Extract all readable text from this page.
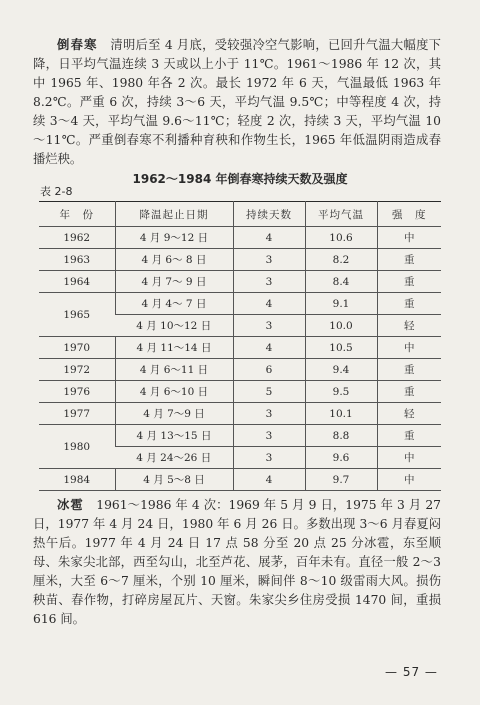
倒春寒　 清明后至 4 月底，受较强冷空气影响，已回升气温大幅度下降，日平均气温连续 3 天或以上小于 11℃。1961～1986 年 12 次，其中 1965 年、1980 年各 2 次。最长 1972 年 6 天，气温最低 1963 年 8.2℃。严重 6 次，持续 3～6 天，平均气温 9.5℃；中等程度 4 次，持续 3～4 天，平均气温 9.6～11℃；轻度 2 次，持续 3 天，平均气温 10～11℃。严重倒春寒不利播种育秧和作物生长，1965 年低温阴雨造成春播烂秧。

1962～1984 年倒春寒持续天数及强度
表 2-8
年　份	降温起止日期	持续天数	平均气温	强　度
1962	4 月 9～12 日	4	10.6	中
1963	4 月 6～ 8 日	3	8.2	重
1964	4 月 7～ 9 日	3	8.4	重
1965	4 月 4～ 7 日	4	9.1	重
	4 月 10～12 日	3	10.0	轻
1970	4 月 11～14 日	4	10.5	中
1972	4 月 6～11 日	6	9.4	重
1976	4 月 6～10 日	5	9.5	重
1977	4 月 7～9 日	3	10.1	轻
1980	4 月 13～15 日	3	8.8	重
	4 月 24～26 日	3	9.6	中
1984	4 月 5～8 日	4	9.7	中

冰雹　 1961～1986 年 4 次：1969 年 5 月 9 日，1975 年 3 月 27 日，1977 年 4 月 24 日，1980 年 6 月 26 日。多数出现 3～6 月春夏闷热午后。1977 年 4 月 24 日 17 点 58 分至 20 点 25 分冰雹，东至顺母、朱家尖北部，西至勾山，北至芦花、展茅，百年未有。直径一般 2～3 厘米，大至 6～7 厘米，个别 10 厘米，瞬间伴 8～10 级雷雨大风。损伤秧苗、春作物，打碎房屋瓦片、天窗。朱家尖乡住房受损 1470 间，重损 616 间。

— 57 —
